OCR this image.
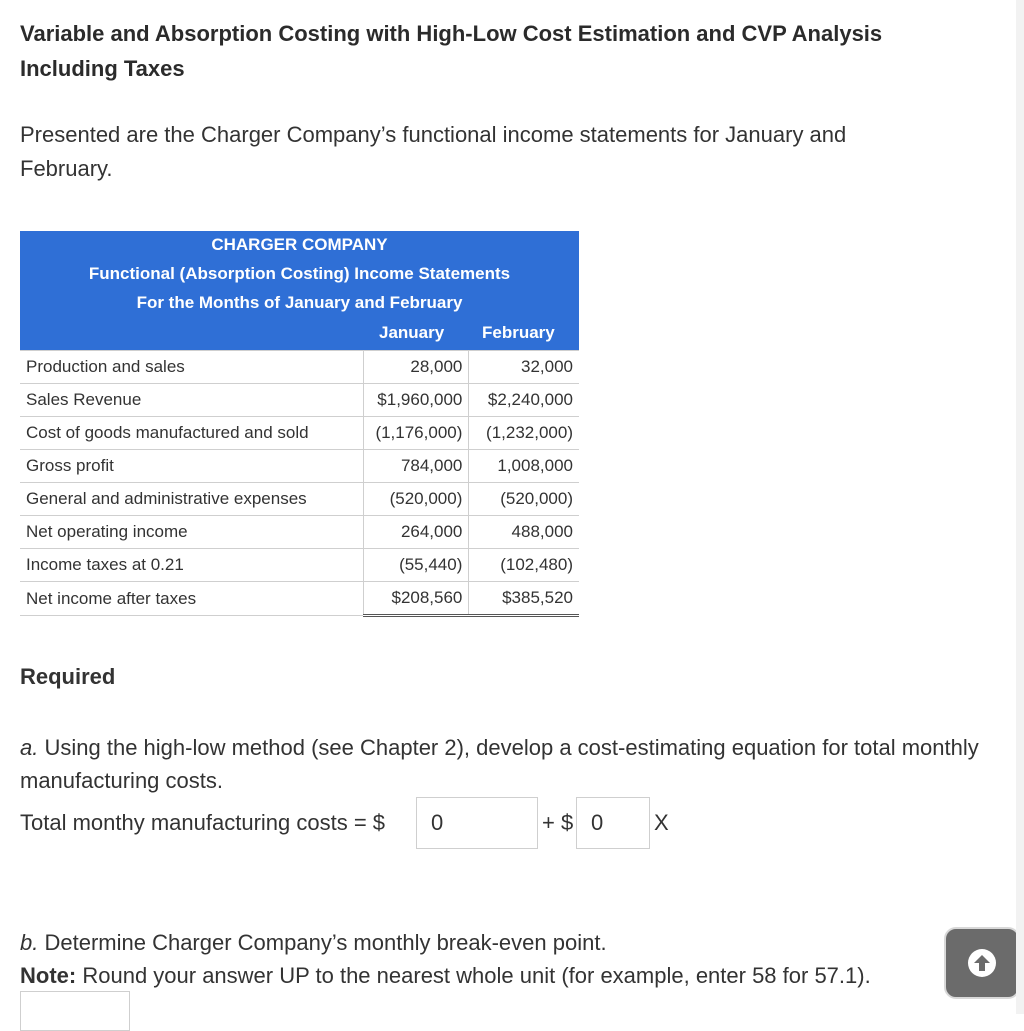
Variable and Absorption Costing with High-Low Cost Estimation and CVP Analysis Including Taxes
Presented are the Charger Company’s functional income statements for January and February.
CHARGER COMPANY
Functional (Absorption Costing) Income Statements
For the Months of January and February
January February
Production and sales	28,000	32,000
Sales Revenue	$1,960,000	$2,240,000
Cost of goods manufactured and sold	(1,176,000)	(1,232,000)
Gross profit	784,000	1,008,000
General and administrative expenses	(520,000)	(520,000)
Net operating income	264,000	488,000
Income taxes at 0.21	(55,440)	(102,480)
Net income after taxes	$208,560	$385,520
Required
a. Using the high-low method (see Chapter 2), develop a cost-estimating equation for total monthly manufacturing costs.
Total monthy manufacturing costs = $	0	+ $ 0	X
b. Determine Charger Company’s monthly break-even point.
Note: Round your answer UP to the nearest whole unit (for example, enter 58 for 57.1).
